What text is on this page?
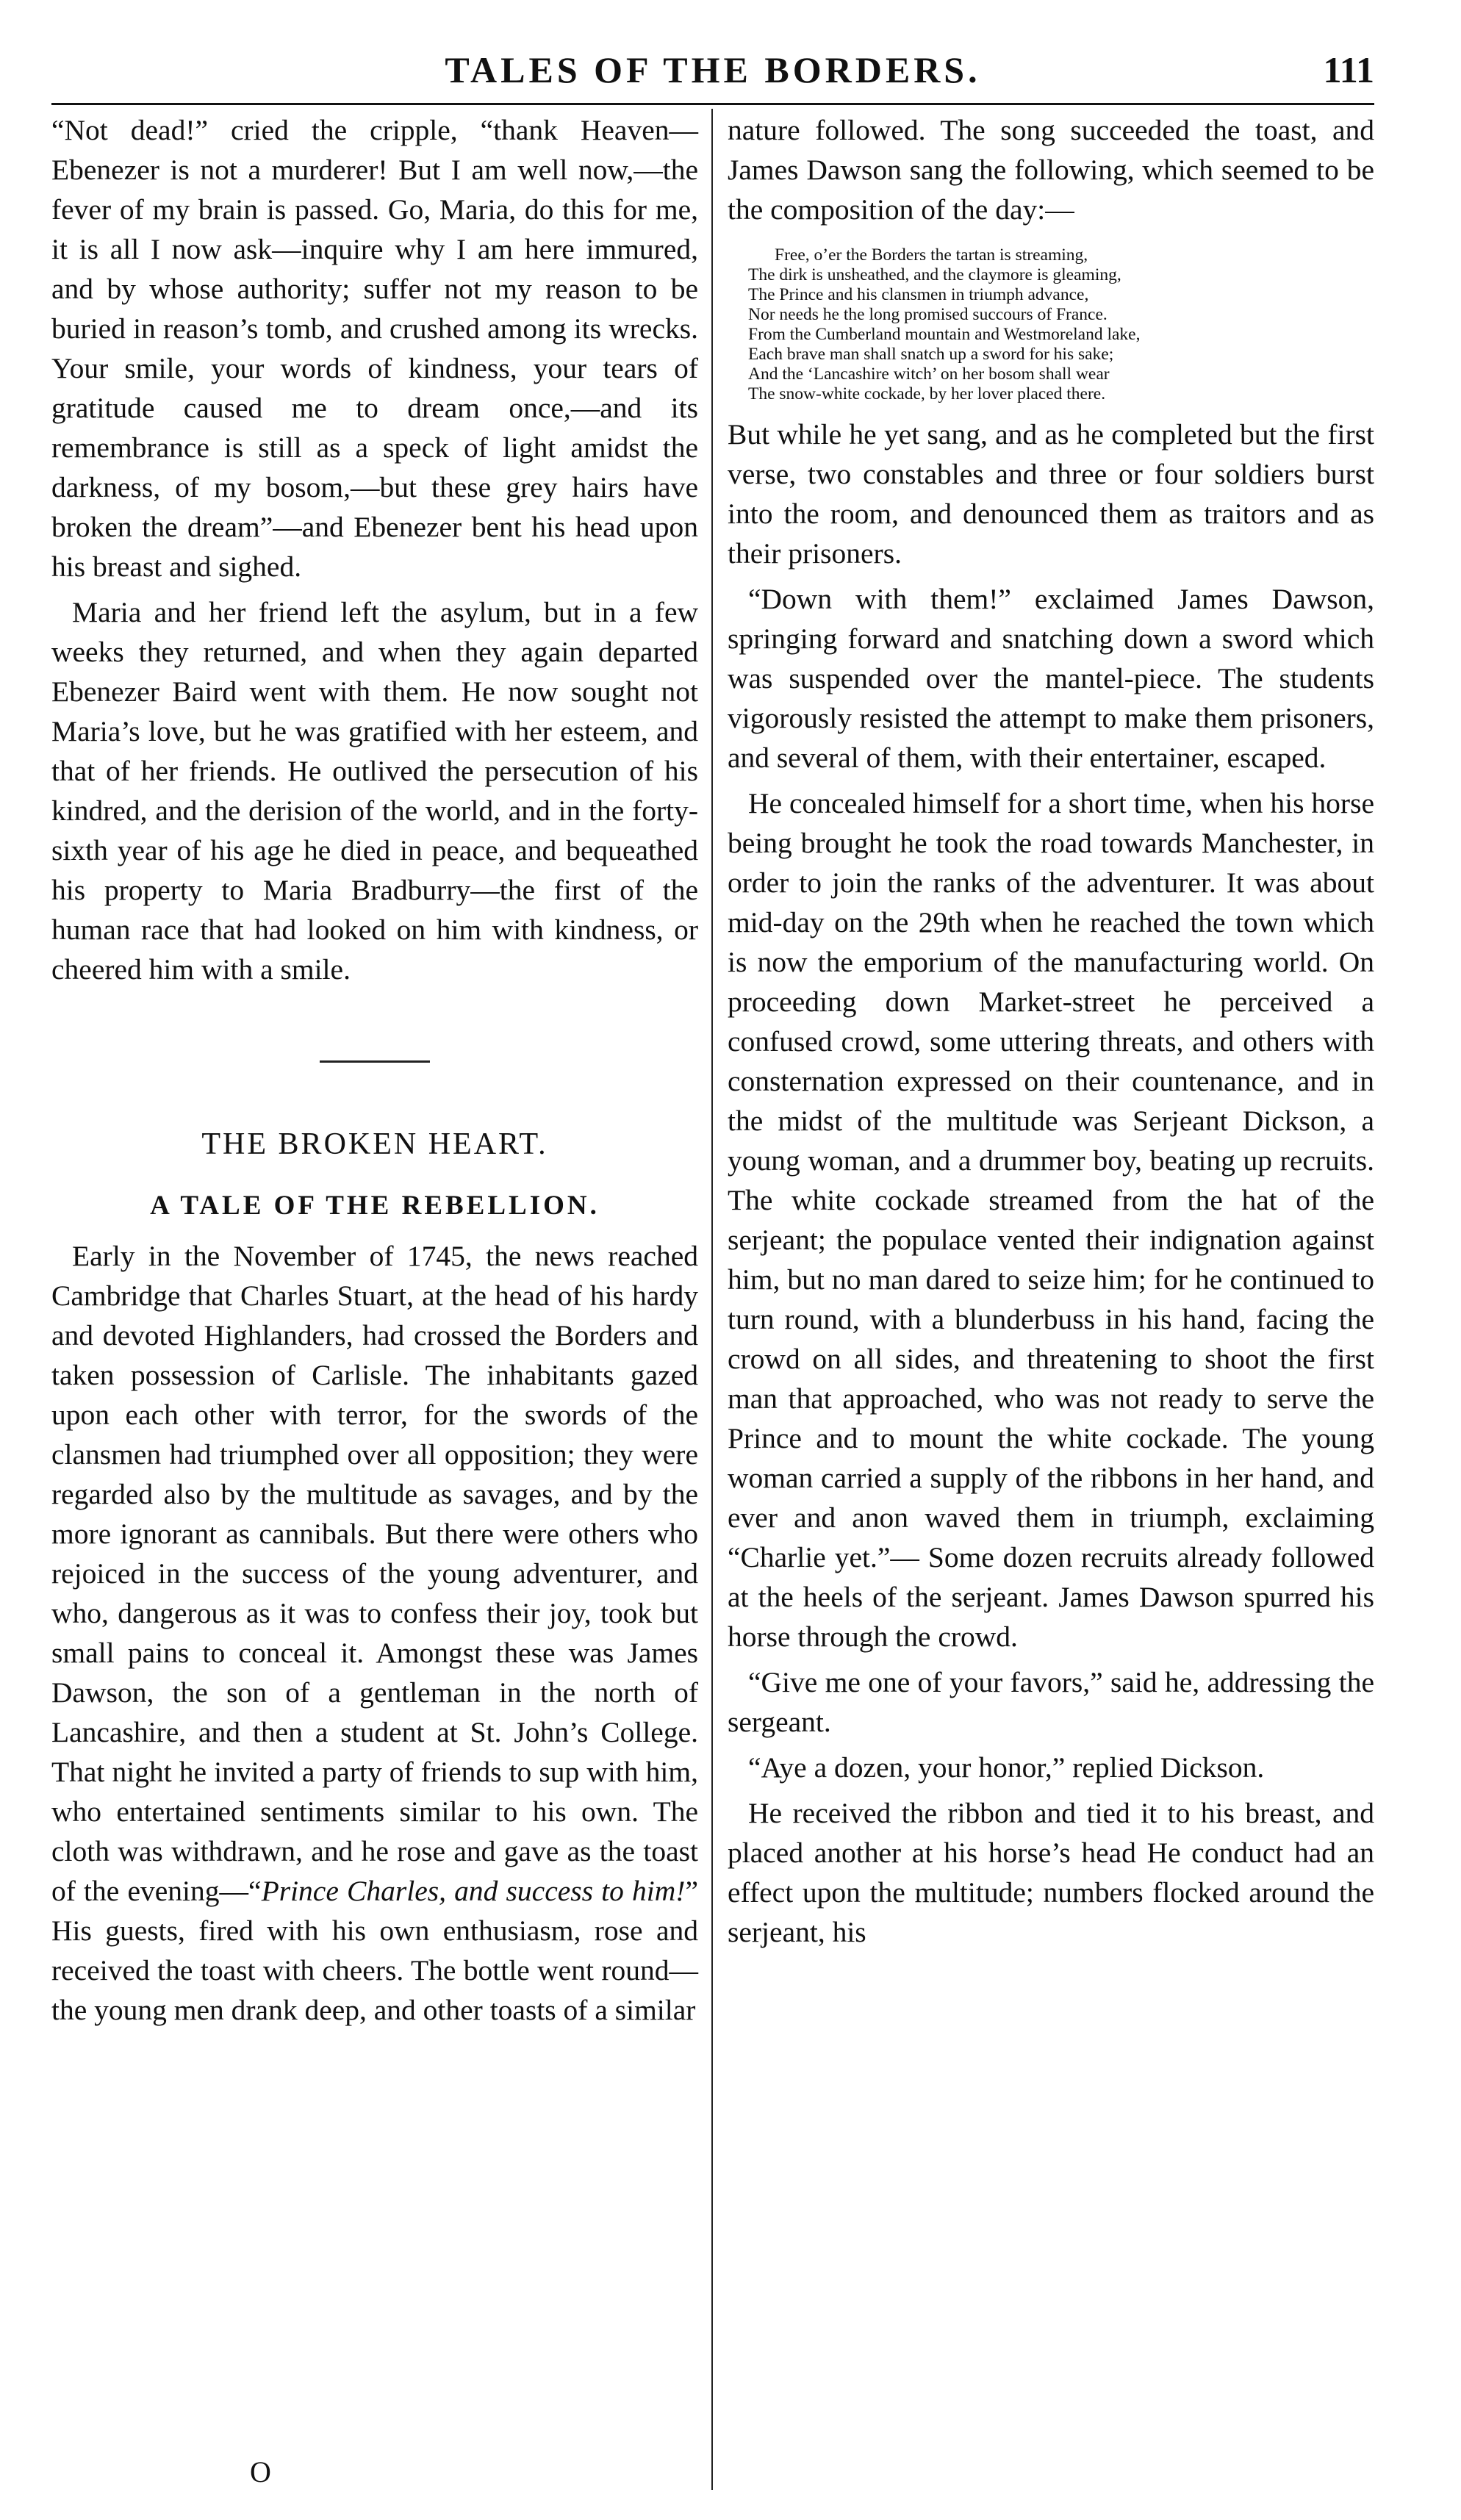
TALES OF THE BORDERS.	111

“Not dead!” cried the cripple, “thank Heaven—Ebenezer is not a murderer! But I am well now,—the fever of my brain is passed. Go, Maria, do this for me, it is all I now ask—inquire why I am here immured, and by whose authority; suffer not my reason to be buried in reason’s tomb, and crushed among its wrecks. Your smile, your words of kindness, your tears of gratitude caused me to dream once,—and its remembrance is still as a speck of light amidst the darkness, of my bosom,—but these grey hairs have broken the dream”—and Ebenezer bent his head upon his breast and sighed.

Maria and her friend left the asylum, but in a few weeks they returned, and when they again departed Ebenezer Baird went with them. He now sought not Maria’s love, but he was gratified with her esteem, and that of her friends. He outlived the persecution of his kindred, and the derision of the world, and in the forty-sixth year of his age he died in peace, and bequeathed his property to Maria Bradburry—the first of the human race that had looked on him with kindness, or cheered him with a smile.

THE BROKEN HEART.
A TALE OF THE REBELLION.

Early in the November of 1745, the news reached Cambridge that Charles Stuart, at the head of his hardy and devoted Highlanders, had crossed the Borders and taken possession of Carlisle. The inhabitants gazed upon each other with terror, for the swords of the clansmen had triumphed over all opposition; they were regarded also by the multitude as savages, and by the more ignorant as cannibals. But there were others who rejoiced in the success of the young adventurer, and who, dangerous as it was to confess their joy, took but small pains to conceal it. Amongst these was James Dawson, the son of a gentleman in the north of Lancashire, and then a student at St. John’s College. That night he invited a party of friends to sup with him, who entertained sentiments similar to his own. The cloth was withdrawn, and he rose and gave as the toast of the evening—“Prince Charles, and success to him!” His guests, fired with his own enthusiasm, rose and received the toast with cheers. The bottle went round—the young men drank deep, and other toasts of a similar

nature followed. The song succeeded the toast, and James Dawson sang the following, which seemed to be the composition of the day:—

Free, o’er the Borders the tartan is streaming,
The dirk is unsheathed, and the claymore is gleaming,
The Prince and his clansmen in triumph advance,
Nor needs he the long promised succours of France.
From the Cumberland mountain and Westmoreland lake,
Each brave man shall snatch up a sword for his sake;
And the ‘Lancashire witch’ on her bosom shall wear
The snow-white cockade, by her lover placed there.

But while he yet sang, and as he completed but the first verse, two constables and three or four soldiers burst into the room, and denounced them as traitors and as their prisoners.

“Down with them!” exclaimed James Dawson, springing forward and snatching down a sword which was suspended over the mantel-piece. The students vigorously resisted the attempt to make them prisoners, and several of them, with their entertainer, escaped.

He concealed himself for a short time, when his horse being brought he took the road towards Manchester, in order to join the ranks of the adventurer. It was about mid-day on the 29th when he reached the town which is now the emporium of the manufacturing world. On proceeding down Market-street he perceived a confused crowd, some uttering threats, and others with consternation expressed on their countenance, and in the midst of the multitude was Serjeant Dickson, a young woman, and a drummer boy, beating up recruits. The white cockade streamed from the hat of the serjeant; the populace vented their indignation against him, but no man dared to seize him; for he continued to turn round, with a blunderbuss in his hand, facing the crowd on all sides, and threatening to shoot the first man that approached, who was not ready to serve the Prince and to mount the white cockade. The young woman carried a supply of the ribbons in her hand, and ever and anon waved them in triumph, exclaiming “Charlie yet.”— Some dozen recruits already followed at the heels of the serjeant. James Dawson spurred his horse through the crowd.

“Give me one of your favors,” said he, addressing the sergeant.

“Aye a dozen, your honor,” replied Dickson.

He received the ribbon and tied it to his breast, and placed another at his horse’s head He conduct had an effect upon the multitude; numbers flocked around the serjeant, his

O
